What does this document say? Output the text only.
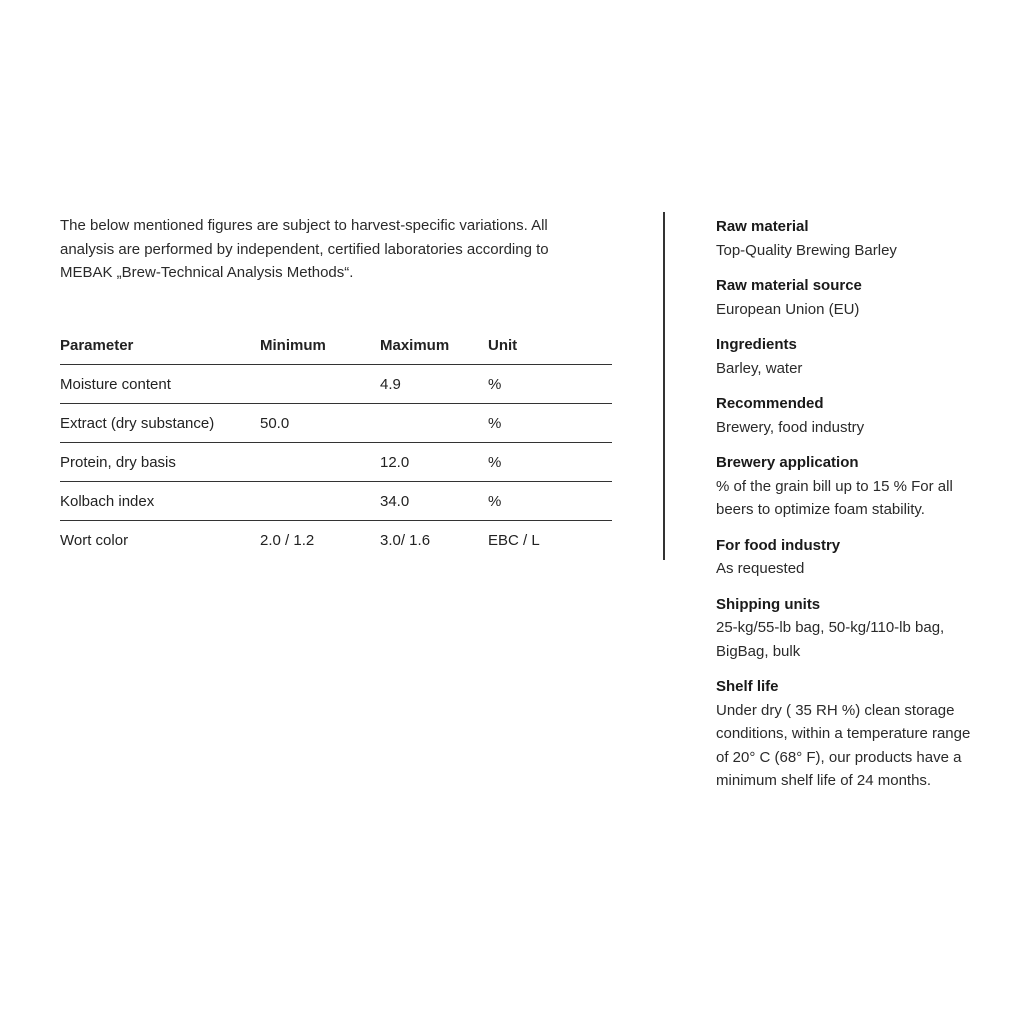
The below mentioned figures are subject to harvest-specific variations. All analysis are performed by independent, certified laboratories according to MEBAK „Brew-Technical Analysis Methods“.

Parameter	Minimum	Maximum	Unit
Moisture content		4.9	%
Extract (dry substance)	50.0		%
Protein, dry basis		12.0	%
Kolbach index		34.0	%
Wort color	2.0 / 1.2	3.0/ 1.6	EBC / L
Raw material
Top-Quality Brewing Barley
Raw material source
European Union (EU)
Ingredients
Barley, water
Recommended
Brewery, food industry
Brewery application
% of the grain bill up to 15 % For all beers to optimize foam stability.
For food industry
As requested
Shipping units
25-kg/55-lb bag, 50-kg/110-lb bag, BigBag, bulk
Shelf life
Under dry ( 35 RH %) clean storage conditions, within a temperature range of 20° C (68° F), our products have a minimum shelf life of 24 months.
